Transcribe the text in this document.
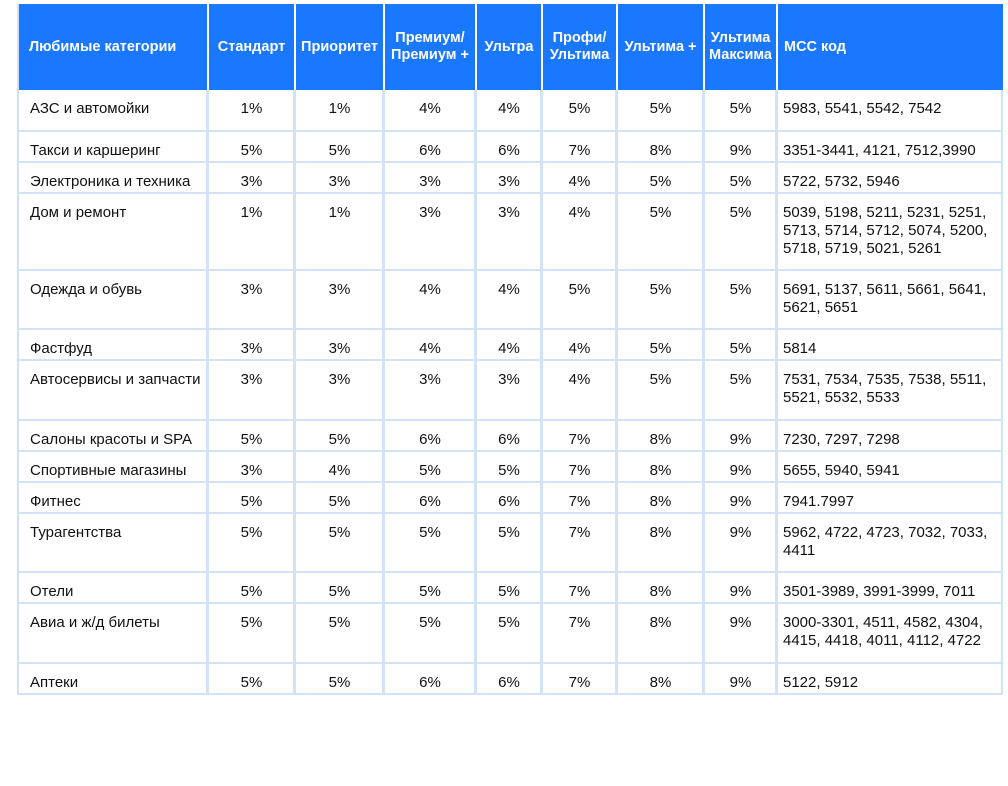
Любимые категории	Стандарт	Приоритет	Премиум/ Премиум +	Ультра	Профи/ Ультима	Ультима +	Ультима Максима	МСС код
АЗС и автомойки	1%	1%	4%	4%	5%	5%	5%	5983, 5541, 5542, 7542
Такси и каршеринг	5%	5%	6%	6%	7%	8%	9%	3351-3441, 4121, 7512,3990
Электроника и техника	3%	3%	3%	3%	4%	5%	5%	5722, 5732, 5946
Дом и ремонт	1%	1%	3%	3%	4%	5%	5%	5039, 5198, 5211, 5231, 5251, 5713, 5714, 5712, 5074, 5200, 5718, 5719, 5021, 5261
Одежда и обувь	3%	3%	4%	4%	5%	5%	5%	5691, 5137, 5611, 5661, 5641, 5621, 5651
Фастфуд	3%	3%	4%	4%	4%	5%	5%	5814
Автосервисы и запчасти	3%	3%	3%	3%	4%	5%	5%	7531, 7534, 7535, 7538, 5511, 5521, 5532, 5533
Салоны красоты и SPA	5%	5%	6%	6%	7%	8%	9%	7230, 7297, 7298
Спортивные магазины	3%	4%	5%	5%	7%	8%	9%	5655, 5940, 5941
Фитнес	5%	5%	6%	6%	7%	8%	9%	7941.7997
Турагентства	5%	5%	5%	5%	7%	8%	9%	5962, 4722, 4723, 7032, 7033, 4411
Отели	5%	5%	5%	5%	7%	8%	9%	3501-3989, 3991-3999, 7011
Авиа и ж/д билеты	5%	5%	5%	5%	7%	8%	9%	3000-3301, 4511, 4582, 4304, 4415, 4418, 4011, 4112, 4722
Аптеки	5%	5%	6%	6%	7%	8%	9%	5122, 5912
